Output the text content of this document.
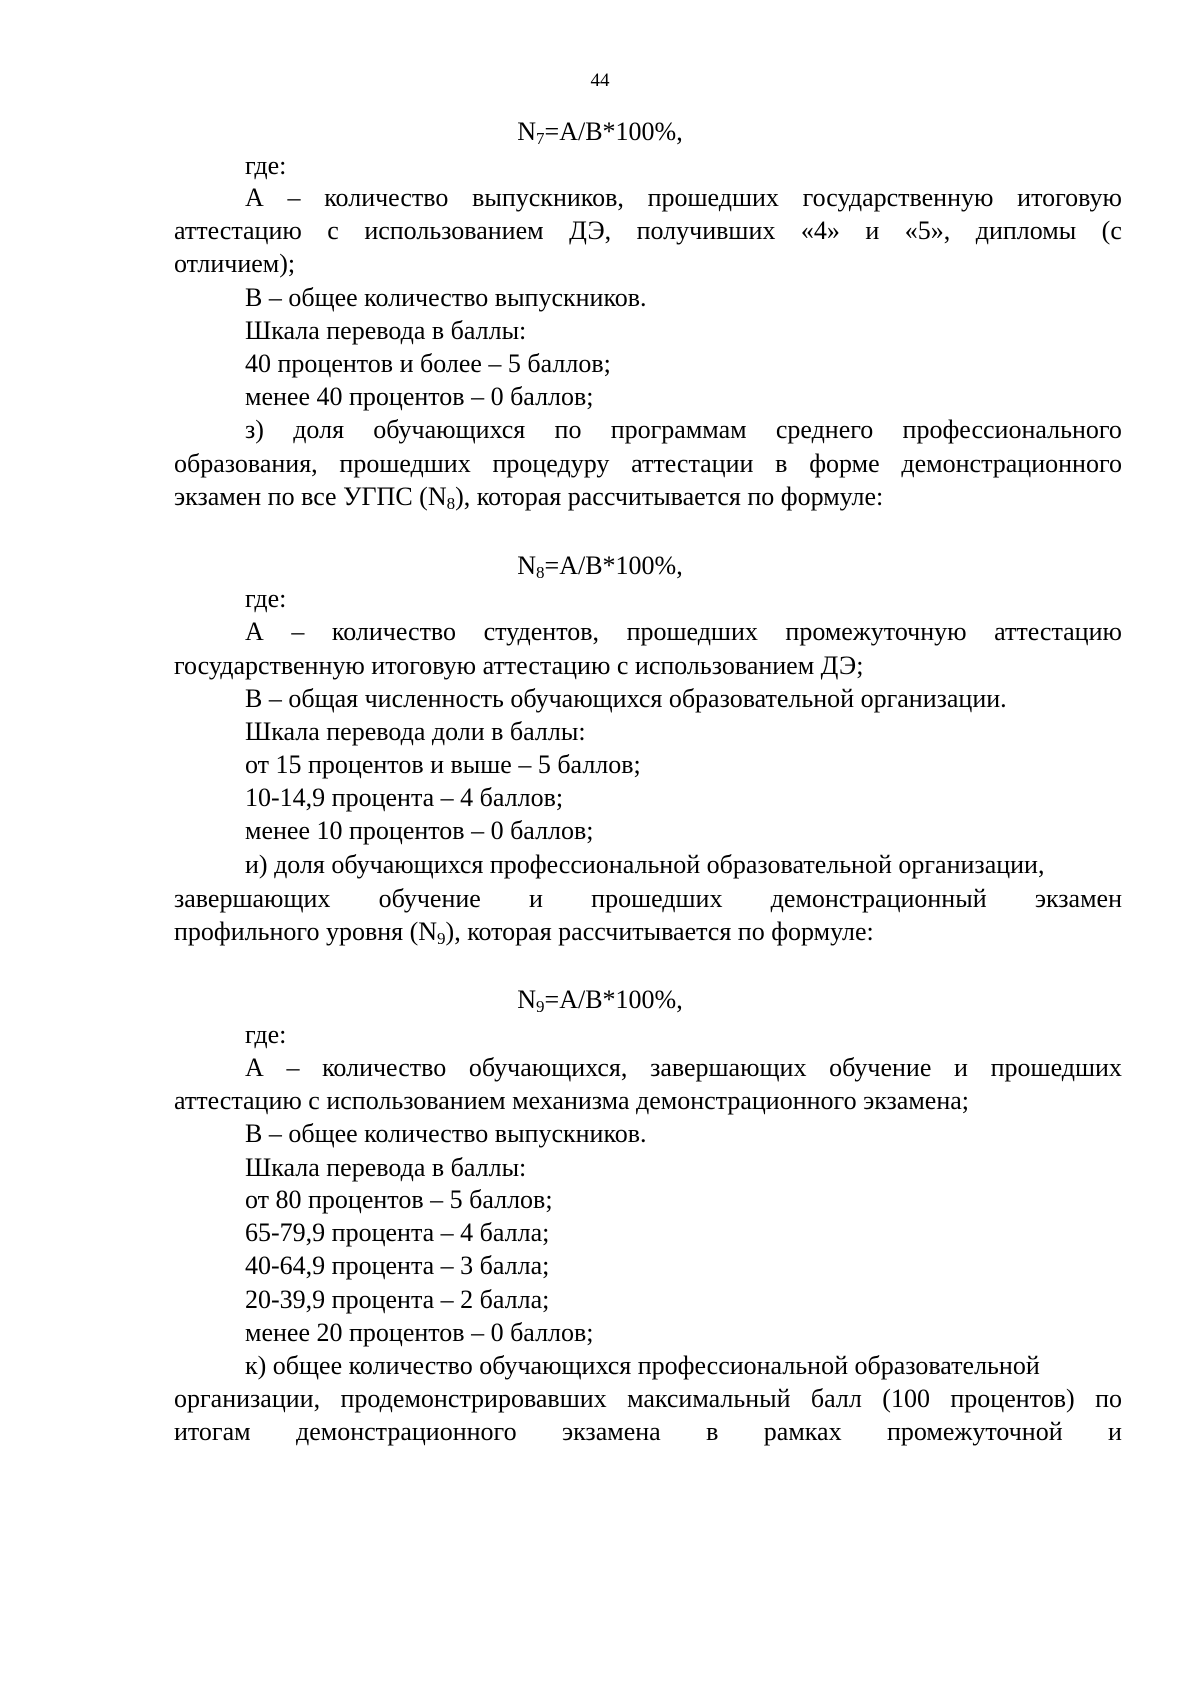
44
$N_7=A/B*100\%$,
где:
А – количество выпускников, прошедших государственную итоговую
аттестацию с использованием ДЭ, получивших «4» и «5», дипломы (с
отличием);
В – общее количество выпускников.
Шкала перевода в баллы:
40 процентов и более – 5 баллов;
менее 40 процентов – 0 баллов;
з) доля обучающихся по программам среднего профессионального
образования, прошедших процедуру аттестации в форме демонстрационного
экзамен по все УГПС $(N_8)$, которая рассчитывается по формуле:
$N_8=A/B*100\%$,
где:
А – количество студентов, прошедших промежуточную аттестацию
государственную итоговую аттестацию с использованием ДЭ;
В – общая численность обучающихся образовательной организации.
Шкала перевода доли в баллы:
от 15 процентов и выше – 5 баллов;
10-14,9 процента – 4 баллов;
менее 10 процентов – 0 баллов;
и) доля обучающихся профессиональной образовательной организации,
завершающих обучение и прошедших демонстрационный экзамен
профильного уровня $(N_9)$, которая рассчитывается по формуле:
$N_9=A/B*100\%$,
где:
А – количество обучающихся, завершающих обучение и прошедших
аттестацию с использованием механизма демонстрационного экзамена;
В – общее количество выпускников.
Шкала перевода в баллы:
от 80 процентов – 5 баллов;
65-79,9 процента – 4 балла;
40-64,9 процента – 3 балла;
20-39,9 процента – 2 балла;
менее 20 процентов – 0 баллов;
к) общее количество обучающихся профессиональной образовательной
организации, продемонстрировавших максимальный балл (100 процентов) по
итогам демонстрационного экзамена в рамках промежуточной и
